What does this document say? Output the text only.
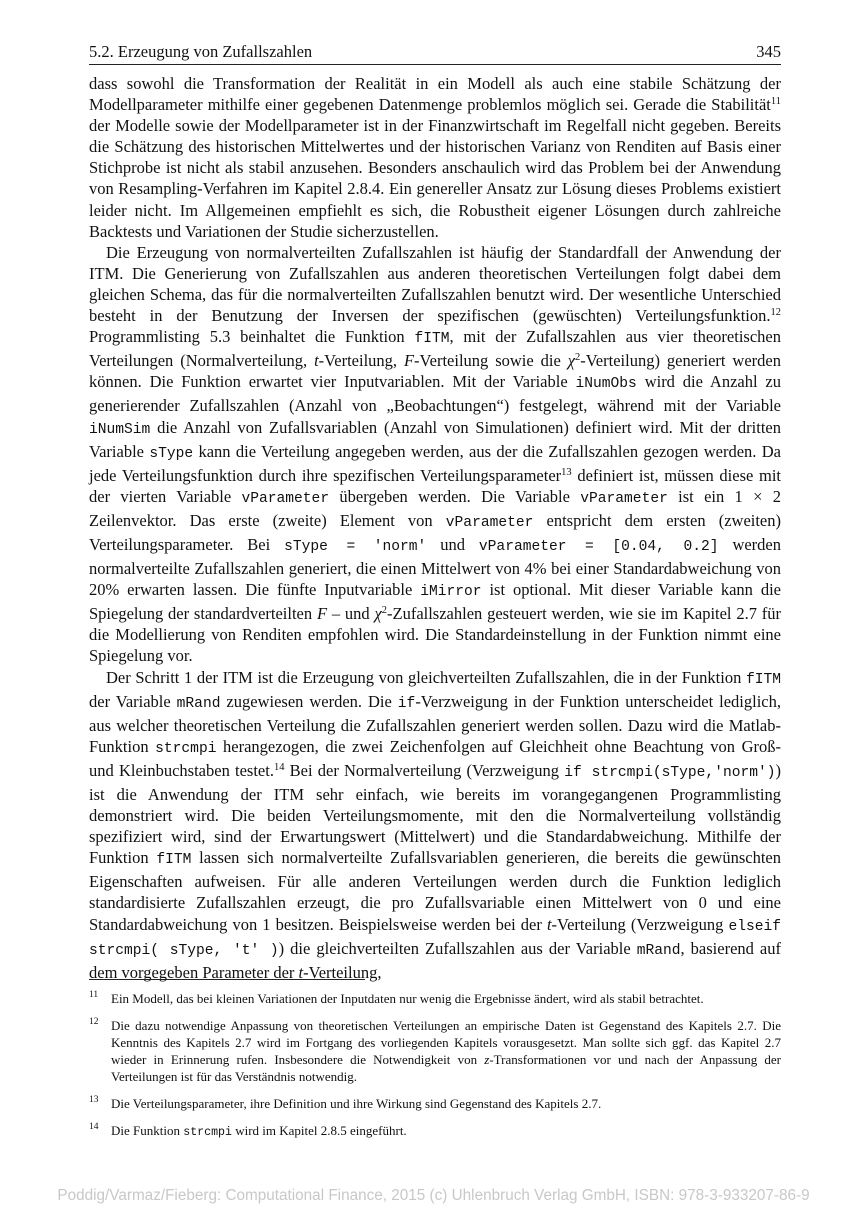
5.2. Erzeugung von Zufallszahlen	345

dass sowohl die Transformation der Realität in ein Modell als auch eine stabile Schätzung der Modellparameter mithilfe einer gegebenen Datenmenge problemlos möglich sei. Gerade die Stabilität$^{11}$ der Modelle sowie der Modellparameter ist in der Finanzwirtschaft im Regelfall nicht gegeben. Bereits die Schätzung des historischen Mittelwertes und der historischen Varianz von Renditen auf Basis einer Stichprobe ist nicht als stabil anzusehen. Besonders anschaulich wird das Problem bei der Anwendung von Resampling-Verfahren im Kapitel 2.8.4. Ein genereller Ansatz zur Lösung dieses Problems existiert leider nicht. Im Allgemeinen empfiehlt es sich, die Robustheit eigener Lösungen durch zahlreiche Backtests und Variationen der Studie sicherzustellen.

Die Erzeugung von normalverteilten Zufallszahlen ist häufig der Standardfall der Anwendung der ITM. Die Generierung von Zufallszahlen aus anderen theoretischen Verteilungen folgt dabei dem gleichen Schema, das für die normalverteilten Zufallszahlen benutzt wird. Der wesentliche Unterschied besteht in der Benutzung der Inversen der spezifischen (gewüschten) Verteilungsfunktion.$^{12}$ Programmlisting 5.3 beinhaltet die Funktion fITM, mit der Zufallszahlen aus vier theoretischen Verteilungen (Normalverteilung, t-Verteilung, F-Verteilung sowie die $\chi^2-Verteilung$) generiert werden können. Die Funktion erwartet vier Inputvariablen. Mit der Variable iNumObs wird die Anzahl zu generierender Zufallszahlen (Anzahl von „Beobachtungen“) festgelegt, während mit der Variable iNumSim die Anzahl von Zufallsvariablen (Anzahl von Simulationen) definiert wird. Mit der dritten Variable sType kann die Verteilung angegeben werden, aus der die Zufallszahlen gezogen werden. Da jede Verteilungsfunktion durch ihre spezifischen Verteilungsparameter$^{13}$ definiert ist, müssen diese mit der vierten Variable vParameter übergeben werden. Die Variable vParameter ist ein 1 × 2 Zeilenvektor. Das erste (zweite) Element von vParameter entspricht dem ersten (zweiten) Verteilungsparameter. Bei sType = 'norm' und vParameter = [0.04, 0.2] werden normalverteilte Zufallszahlen generiert, die einen Mittelwert von 4% bei einer Standardabweichung von 20% erwarten lassen. Die fünfte Inputvariable iMirror ist optional. Mit dieser Variable kann die Spiegelung der standardverteilten F – und $\chi^2$-Zufallszahlen gesteuert werden, wie sie im Kapitel 2.7 für die Modellierung von Renditen empfohlen wird. Die Standardeinstellung in der Funktion nimmt eine Spiegelung vor.

Der Schritt 1 der ITM ist die Erzeugung von gleichverteilten Zufallszahlen, die in der Funktion fITM der Variable mRand zugewiesen werden. Die if-Verzweigung in der Funktion unterscheidet lediglich, aus welcher theoretischen Verteilung die Zufallszahlen generiert werden sollen. Dazu wird die Matlab-Funktion strcmpi herangezogen, die zwei Zeichenfolgen auf Gleichheit ohne Beachtung von Groß- und Kleinbuchstaben testet.$^{14}$ Bei der Normalverteilung (Verzweigung if strcmpi(sType,'norm')) ist die Anwendung der ITM sehr einfach, wie bereits im vorangegangenen Programmlisting demonstriert wird. Die beiden Verteilungsmomente, mit den die Normalverteilung vollständig spezifiziert wird, sind der Erwartungswert (Mittelwert) und die Standardabweichung. Mithilfe der Funktion fITM lassen sich normalverteilte Zufallsvariablen generieren, die bereits die gewünschten Eigenschaften aufweisen. Für alle anderen Verteilungen werden durch die Funktion lediglich standardisierte Zufallszahlen erzeugt, die pro Zufallsvariable einen Mittelwert von 0 und eine Standardabweichung von 1 besitzen. Beispielsweise werden bei der t-Verteilung (Verzweigung elseif strcmpi( sType, 't' )) die gleichverteilten Zufallszahlen aus der Variable mRand, basierend auf dem vorgegeben Parameter der t-Verteilung,

11 Ein Modell, das bei kleinen Variationen der Inputdaten nur wenig die Ergebnisse ändert, wird als stabil betrachtet.
12 Die dazu notwendige Anpassung von theoretischen Verteilungen an empirische Daten ist Gegenstand des Kapitels 2.7. Die Kenntnis des Kapitels 2.7 wird im Fortgang des vorliegenden Kapitels vorausgesetzt. Man sollte sich ggf. das Kapitel 2.7 wieder in Erinnerung rufen. Insbesondere die Notwendigkeit von z-Transformationen vor und nach der Anpassung der Verteilungen ist für das Verständnis notwendig.
13 Die Verteilungsparameter, ihre Definition und ihre Wirkung sind Gegenstand des Kapitels 2.7.
14 Die Funktion strcmpi wird im Kapitel 2.8.5 eingeführt.
Poddig/Varmaz/Fieberg: Computational Finance, 2015 (c) Uhlenbruch Verlag GmbH, ISBN: 978-3-933207-86-9
